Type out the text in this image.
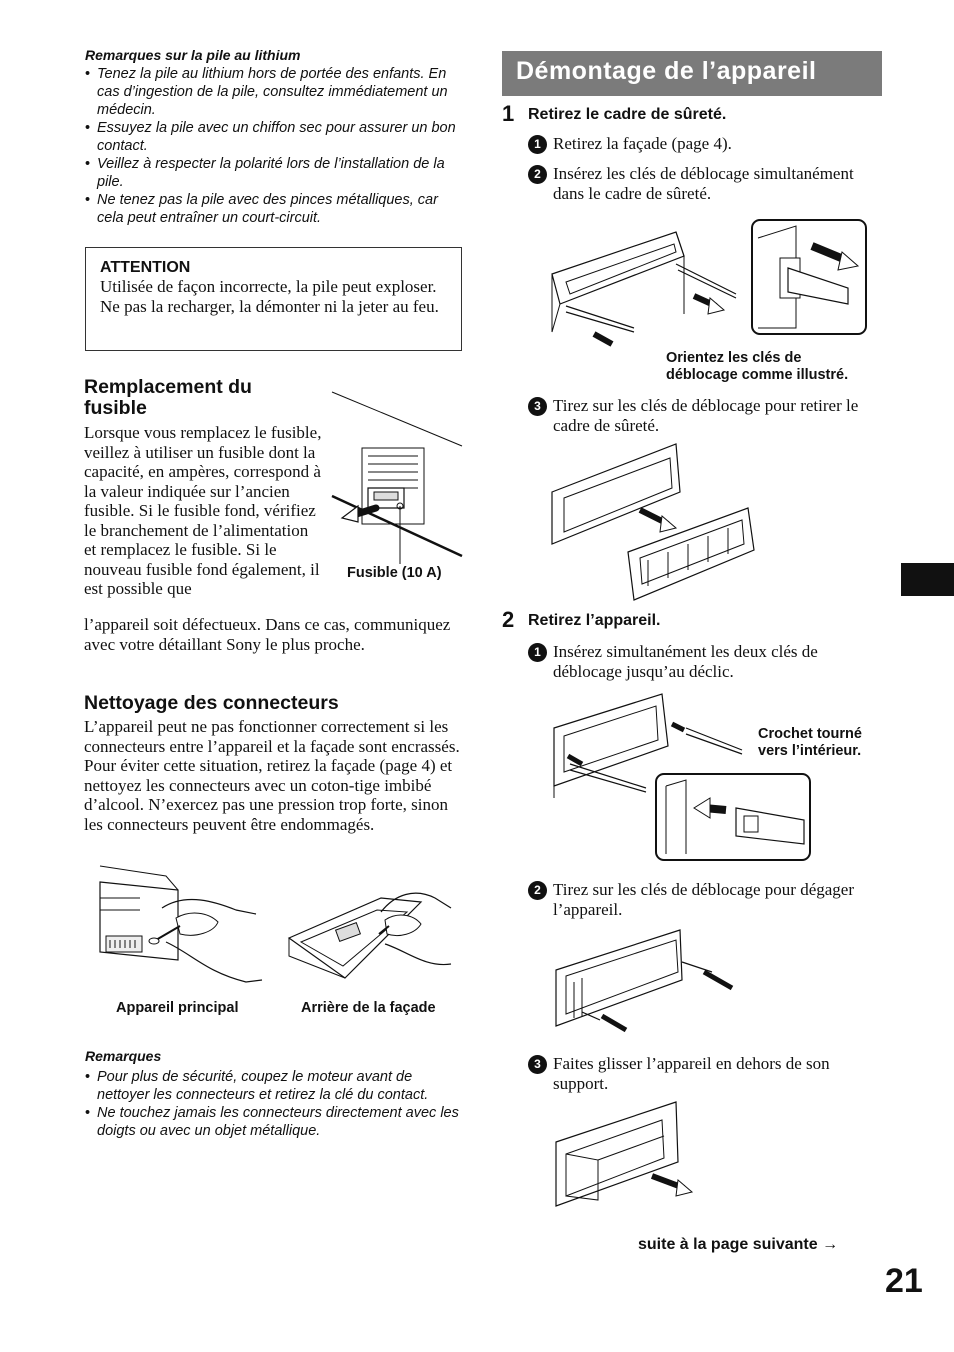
Remarques sur la pile au lithium
• Tenez la pile au lithium hors de portée des enfants. En cas d’ingestion de la pile, consultez immédiatement un médecin.
• Essuyez la pile avec un chiffon sec pour assurer un bon contact.
• Veillez à respecter la polarité lors de l’installation de la pile.
• Ne tenez pas la pile avec des pinces métalliques, car cela peut entraîner un court-circuit.
ATTENTION
Utilisée de façon incorrecte, la pile peut exploser. Ne pas la recharger, la démonter ni la jeter au feu.
Remplacement du fusible
Lorsque vous remplacez le fusible, veillez à utiliser un fusible dont la capacité, en ampères, correspond à la valeur indiquée sur l’ancien fusible. Si le fusible fond, vérifiez le branchement de l’alimentation et remplacez le fusible. Si le nouveau fusible fond également, il est possible que
l’appareil soit défectueux. Dans ce cas, communiquez avec votre détaillant Sony le plus proche.
Fusible (10 A)
Nettoyage des connecteurs
L’appareil peut ne pas fonctionner correctement si les connecteurs entre l’appareil et la façade sont encrassés. Pour éviter cette situation, retirez la façade (page 4) et nettoyez les connecteurs avec un coton-tige imbibé d’alcool. N’exercez pas une pression trop forte, sinon les connecteurs peuvent être endommagés.
Appareil principal	Arrière de la façade
Remarques
• Pour plus de sécurité, coupez le moteur avant de nettoyer les connecteurs et retirez la clé du contact.
• Ne touchez jamais les connecteurs directement avec les doigts ou avec un objet métallique.
Démontage de l’appareil
1 Retirez le cadre de sûreté.
1 Retirez la façade (page 4).
2 Insérez les clés de déblocage simultanément dans le cadre de sûreté.
Orientez les clés de déblocage comme illustré.
3 Tirez sur les clés de déblocage pour retirer le cadre de sûreté.
2 Retirez l’appareil.
1 Insérez simultanément les deux clés de déblocage jusqu’au déclic.
Crochet tourné vers l’intérieur.
2 Tirez sur les clés de déblocage pour dégager l’appareil.
3 Faites glisser l’appareil en dehors de son support.
suite à la page suivante →
21
